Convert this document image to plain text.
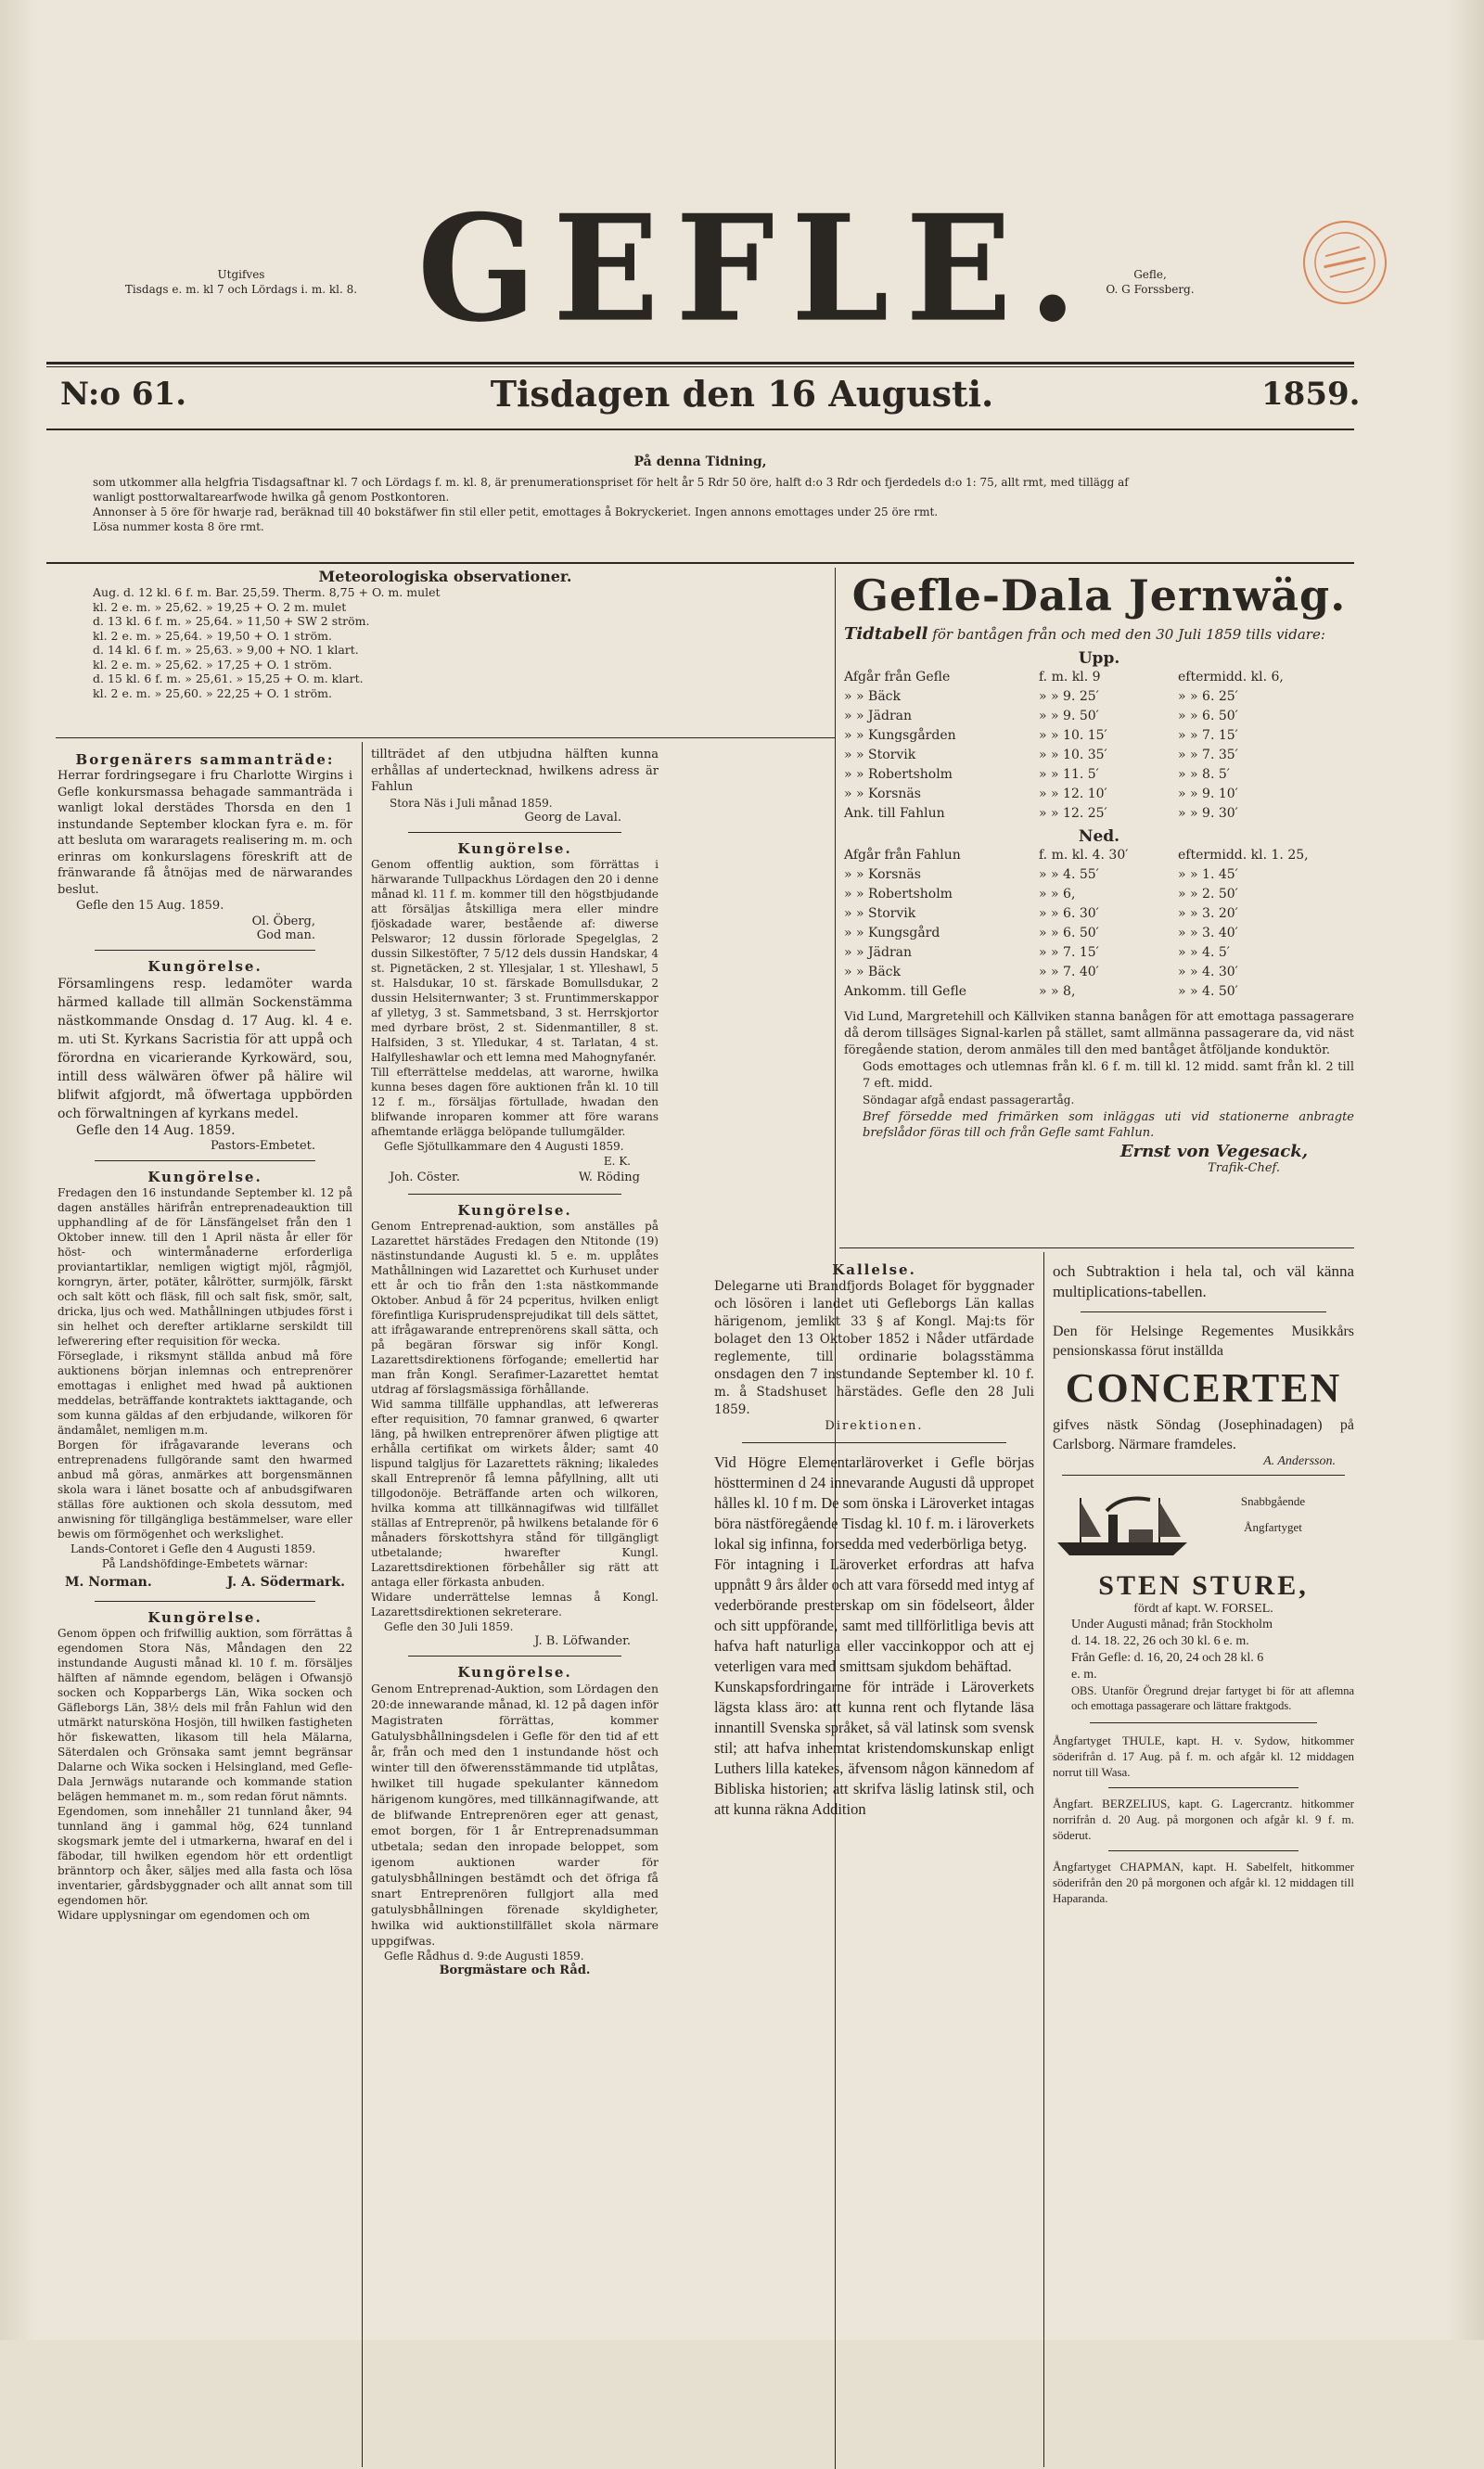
Utgifves
Tisdags e. m. kl 7 och Lördags i. m. kl. 8. GEFLE.	Gefle,
O. G Forssberg.
N:o 61.	Tisdagen den 16 Augusti.	1859.
På denna Tidning,
som utkommer alla helgfria Tisdagsaftnar kl. 7 och Lördags f. m. kl. 8, är prenumerationspriset för helt år 5 Rdr 50 öre, halft d:o 3 Rdr och fjerdedels d:o 1: 75, allt rmt, med tillägg af
wanligt posttorwaltarearfwode hwilka gå genom Postkontoren.
Annonser à 5 öre för hwarje rad, beräknad till 40 bokstäfwer fin stil eller petit, emottages å Bokryckeriet. Ingen annons emottages under 25 öre rmt.
Lösa nummer kosta 8 öre rmt.
Meteorologiska observationer.
Aug. d. 12 kl. 6 f. m. Bar. 25,59. Therm. 8,75 + O. m. mulet
kl. 2 e. m. » 25,62. » 19,25 + O. 2 m. mulet
d. 13 kl. 6 f. m. » 25,64. » 11,50 + SW 2 ström.
kl. 2 e. m. » 25,64. » 19,50 + O. 1 ström.
d. 14 kl. 6 f. m. » 25,63. » 9,00 + NO. 1 klart.
kl. 2 e. m. » 25,62. » 17,25 + O. 1 ström.
d. 15 kl. 6 f. m. » 25,61. » 15,25 + O. m. klart.
kl. 2 e. m. » 25,60. » 22,25 + O. 1 ström.
Borgenärers sammanträde:
Herrar fordringsegare i fru Charlotte Wirgins i Gefle konkursmassa behagade sammanträda i wanligt lokal derstädes Thorsda en den 1 instundande September klockan fyra e. m. för att besluta om wararagets realisering m. m. och erinras om konkurslagens föreskrift att de fränwarande få åtnöjas med de närwarandes beslut.
Gefle den 15 Aug. 1859.
Ol. Öberg,
God man.
Kungörelse.
Församlingens resp. ledamöter warda härmed kallade till allmän Sockenstämma nästkommande Onsdag d. 17 Aug. kl. 4 e. m. uti St. Kyrkans Sacristia för att uppå och förordna en vicarierande Kyrkowärd, sou, intill dess wälwären öfwer på hälire wil blifwit afgjordt, må öfwertaga uppbörden och förwaltningen af kyrkans medel.
Gefle den 14 Aug. 1859.
Pastors-Embetet.
Kungörelse.
Fredagen den 16 instundande September kl. 12 på dagen anställes härifrån entreprenadeauktion till upphandling af de för Länsfängelset från den 1 Oktober innew. till den 1 April nästa år eller för höst- och wintermånaderne erforderliga proviantartiklar, nemligen wigtigt mjöl, rågmjöl, korngryn, ärter, potäter, kålrötter, surmjölk, färskt och salt kött och fläsk, fill och salt fisk, smör, salt, dricka, ljus och wed. Mathållningen utbjudes först i sin helhet och derefter artiklarne serskildt till lefwerering efter requisition för wecka.
Förseglade, i riksmynt ställda anbud må före auktionens början inlemnas och entreprenörer emottagas i enlighet med hwad på auktionen meddelas, beträffande kontraktets iakttagande, och som kunna gäldas af den erbjudande, wilkoren för ändamålet, nemligen m.m.
Borgen för ifrågavarande leverans och entreprenadens fullgörande samt den hwarmed anbud må göras, anmärkes att borgensmännen skola wara i länet bosatte och af anbudsgifwaren ställas före auktionen och skola dessutom, med anwisning för tillgängliga bestämmelser, ware eller bewis om förmögenhet och werkslighet.
Lands-Contoret i Gefle den 4 Augusti 1859.
På Landshöfdinge-Embetets wärnar:
M. Norman.	J. A. Södermark.
Kungörelse.
Genom öppen och frifwillig auktion, som förrättas å egendomen Stora Näs, Måndagen den 22 instundande Augusti månad kl. 10 f. m. försäljes hälften af nämnde egendom, belägen i Ofwansjö socken och Kopparbergs Län, Wika socken och Gäfleborgs Län, 38½ dels mil från Fahlun wid den utmärkt natursköna Hosjön, till hwilken fastigheten hör fiskewatten, likasom till hela Mälarna, Säterdalen och Grönsaka samt jemnt begränsar Dalarne och Wika socken i Helsingland, med Gefle-Dala Jernwägs nutarande och kommande station belägen hemmanet m. m., som redan förut nämnts.
Egendomen, som innehåller 21 tunnland åker, 94 tunnland äng i gammal hög, 624 tunnland skogsmark jemte del i utmarkerna, hwaraf en del i fäbodar, till hwilken egendom hör ett ordentligt bränntorp och åker, säljes med alla fasta och lösa inventarier, gårdsbyggnader och allt annat som till egendomen hör.
Widare upplysningar om egendomen och om
tillträdet af den utbjudna hälften kunna erhållas af undertecknad, hwilkens adress är Fahlun
Stora Näs i Juli månad 1859.
Georg de Laval.
Kungörelse.
Genom offentlig auktion, som förrättas i härwarande Tullpackhus Lördagen den 20 i denne månad kl. 11 f. m. kommer till den högstbjudande att försäljas åtskilliga mera eller mindre fjöskadade warer, bestående af: diwerse Pelswaror; 12 dussin förlorade Spegelglas, 2 dussin Silkestöfter, 7 5/12 dels dussin Handskar, 4 st. Pignetäcken, 2 st. Yllesjalar, 1 st. Ylleshawl, 5 st. Halsdukar, 10 st. färskade Bomullsdukar, 2 dussin Helsiternwanter; 3 st. Fruntimmerskappor af ylletyg, 3 st. Sammetsband, 3 st. Herrskjortor med dyrbare bröst, 2 st. Sidenmantiller, 8 st. Halfsiden, 3 st. Ylledukar, 4 st. Tarlatan, 4 st. Halfylleshawlar och ett lemna med Mahognyfanér.
Till efterrättelse meddelas, att warorne, hwilka kunna beses dagen före auktionen från kl. 10 till 12 f. m., försäljas förtullade, hwadan den blifwande inroparen kommer att före warans afhemtande erlägga belöpande tullumgälder.
Gefle Sjötullkammare den 4 Augusti 1859.
E. K.
Joh. Cöster.	W. Röding
Kungörelse.
Genom Entreprenad-auktion, som anställes på Lazarettet härstädes Fredagen den Ntitonde (19) nästinstundande Augusti kl. 5 e. m. upplåtes Mathållningen wid Lazarettet och Kurhuset under ett år och tio från den 1:sta nästkommande Oktober. Anbud å för 24 pcperitus, hvilken enligt förefintliga Kurisprudensprejudikat till dels sättet, att ifrågawarande entreprenörens skall sätta, och på begäran förswar sig inför Kongl. Lazarettsdirektionens förfogande; emellertid har man från Kongl. Serafimer-Lazarettet hemtat utdrag af förslagsmässiga förhållande.
Wid samma tillfälle upphandlas, att lefwereras efter requisition, 70 famnar granwed, 6 qwarter läng, på hwilken entreprenörer äfwen pligtige att erhålla certifikat om wirkets ålder; samt 40 lispund talgljus för Lazarettets räkning; likaledes skall Entreprenör få lemna påfyllning, allt uti tillgodonöje. Beträffande arten och wilkoren, hvilka komma att tillkännagifwas wid tillfället ställas af Entreprenör, på hwilkens betalande för 6 månaders förskottshyra stånd för tillgängligt utbetalande; hwarefter Kungl. Lazarettsdirektionen förbehåller sig rätt att antaga eller förkasta anbuden.
Widare underrättelse lemnas å Kongl. Lazarettsdirektionen sekreterare.
Gefle den 30 Juli 1859.
J. B. Löfwander.
Kungörelse.
Genom Entreprenad-Auktion, som Lördagen den 20:de innewarande månad, kl. 12 på dagen inför Magistraten förrättas, kommer Gatulysbhållningsdelen i Gefle för den tid af ett år, från och med den 1 instundande höst och winter till den öfwerensstämmande tid utplåtas, hwilket till hugade spekulanter kännedom härigenom kungöres, med tillkännagifwande, att de blifwande Entreprenören eger att genast, emot borgen, för 1 år Entreprenadsumman utbetala; sedan den inropade beloppet, som igenom auktionen warder för gatulysbhållningen bestämdt och det öfriga få snart Entreprenören fullgjort alla med gatulysbhållningen förenade skyldigheter, hwilka wid auktionstillfället skola närmare uppgifwas.
Gefle Rådhus d. 9:de Augusti 1859.
Borgmästare och Råd.
Gefle-Dala Jernwäg.
Tidtabell för bantågen från och med den 30 Juli 1859 tills vidare:
Upp.
Afgår från Gefle	f. m. kl. 9	eftermidd. kl. 6,
» » Bäck	» » 9. 25′	» » 6. 25′
» » Jädran	» » 9. 50′	» » 6. 50′
» » Kungsgården	» » 10. 15′	» » 7. 15′
» » Storvik	» » 10. 35′	» » 7. 35′
» » Robertsholm	» » 11. 5′	» » 8. 5′
» » Korsnäs	» » 12. 10′	» » 9. 10′
Ank. till Fahlun	» » 12. 25′	» » 9. 30′
Ned.
Afgår från Fahlun	f. m. kl. 4. 30′	eftermidd. kl. 1. 25,
» » Korsnäs	» » 4. 55′	» » 1. 45′
» » Robertsholm	» » 6,	» » 2. 50′
» » Storvik	» » 6. 30′	» » 3. 20′
» » Kungsgård	» » 6. 50′	» » 3. 40′
» » Jädran	» » 7. 15′	» » 4. 5′
» » Bäck	» » 7. 40′	» » 4. 30′
Ankomm. till Gefle	» » 8,	» » 4. 50′
Vid Lund, Margretehill och Källviken stanna banågen för att emottaga passagerare då derom tillsäges Signal-karlen på stället, samt allmänna passagerare da, vid näst föregående station, derom anmäles till den med bantåget åtföljande konduktör.
Gods emottages och utlemnas från kl. 6 f. m. till kl. 12 midd. samt från kl. 2 till 7 eft. midd.
Söndagar afgå endast passagerartåg.
Bref försedde med frimärken som inläggas uti vid stationerne anbragte brefslådor föras till och från Gefle samt Fahlun.
Ernst von Vegesack,
Trafik-Chef.
Kallelse.
Delegarne uti Brandfjords Bolaget för byggnader och lösören i landet uti Gefleborgs Län kallas härigenom, jemlikt 33 § af Kongl. Maj:ts för bolaget den 13 Oktober 1852 i Nåder utfärdade reglemente, till ordinarie bolagsstämma onsdagen den 7 instundande September kl. 10 f. m. å Stadshuset härstädes. Gefle den 28 Juli 1859.
Direktionen.
Vid Högre Elementarläroverket i Gefle börjas höstterminen d 24 innevarande Augusti då uppropet hålles kl. 10 f m. De som önska i Läroverket intagas böra nästföregående Tisdag kl. 10 f. m. i läroverkets lokal sig infinna, forsedda med vederbörliga betyg.
För intagning i Läroverket erfordras att hafva uppnått 9 års ålder och att vara försedd med intyg af vederbörande presterskap om sin födelseort, ålder och sitt uppförande, samt med tillförlitliga bevis att hafva haft naturliga eller vaccinkoppor och att ej veterligen vara med smittsam sjukdom behäftad.
Kunskapsfordringarne för inträde i Läroverkets lägsta klass äro: att kunna rent och flytande läsa innantill Svenska språket, så väl latinsk som svensk stil; att hafva inhemtat kristendomskunskap enligt Luthers lilla katekes, äfvensom någon kännedom af Bibliska historien; att skrifva läslig latinsk stil, och att kunna räkna Addition
och Subtraktion i hela tal, och väl känna multiplications-tabellen.
Den för Helsinge Regementes Musikkårs pensionskassa förut inställda
CONCERTEN
gifves nästk Söndag (Josephinadagen) på Carlsborg. Närmare framdeles.
A. Andersson.
Snabbgående
Ångfartyget
STEN STURE,
fördt af kapt. W. FORSEL.
Under Augusti månad; från Stockholm
d. 14. 18. 22, 26 och 30 kl. 6 e. m.
Från Gefle: d. 16, 20, 24 och 28 kl. 6
e. m.
OBS. Utanför Öregrund drejar fartyget bi för att aflemna och emottaga passagerare och lättare fraktgods.
Ångfartyget THULE, kapt. H. v. Sydow, hitkommer söderifrån d. 17 Aug. på f. m. och afgår kl. 12 middagen norrut till Wasa.
Ångfart. BERZELIUS, kapt. G. Lagercrantz. hitkommer norrifrån d. 20 Aug. på morgonen och afgår kl. 9 f. m. söderut.
Ångfartyget CHAPMAN, kapt. H. Sabelfelt, hitkommer söderifrån den 20 på morgonen och afgår kl. 12 middagen till Haparanda.
